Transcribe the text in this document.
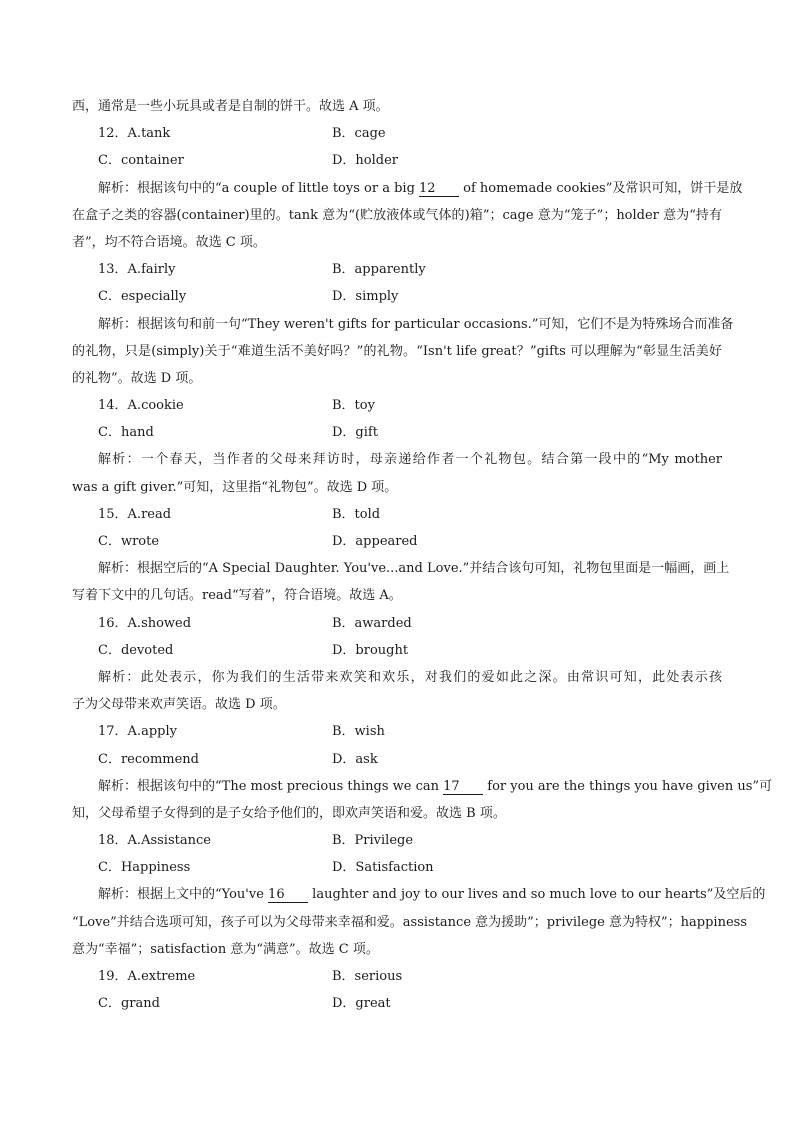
西，通常是一些小玩具或者是自制的饼干。故选 A 项。
12．A.tank	B．cage
C．container	D．holder
解析：根据该句中的“a couple of little toys or a big 12 of homemade cookies”及常识可知，饼干是放
在盒子之类的容器(container)里的。tank 意为“(贮放液体或气体的)箱”；cage 意为“笼子”；holder 意为“持有
者”，均不符合语境。故选 C 项。
13．A.fairly	B．apparently
C．especially	D．simply
解析：根据该句和前一句“They weren't gifts for particular occasions.”可知，它们不是为特殊场合而准备
的礼物，只是(simply)关于“难道生活不美好吗？”的礼物。“Isn't life great？”gifts 可以理解为“彰显生活美好
的礼物”。故选 D 项。
14．A.cookie	B．toy
C．hand	D．gift
解析：一个春天，当作者的父母来拜访时，母亲递给作者一个礼物包。结合第一段中的“My mother
was a gift giver.”可知，这里指“礼物包”。故选 D 项。
15．A.read	B．told
C．wrote	D．appeared
解析：根据空后的“A Special Daughter. You've...and Love.”并结合该句可知，礼物包里面是一幅画，画上
写着下文中的几句话。read“写着”，符合语境。故选 A。
16．A.showed	B．awarded
C．devoted	D．brought
解析：此处表示，你为我们的生活带来欢笑和欢乐，对我们的爱如此之深。由常识可知，此处表示孩
子为父母带来欢声笑语。故选 D 项。
17．A.apply	B．wish
C．recommend	D．ask
解析：根据该句中的“The most precious things we can 17 for you are the things you have given us”可
知，父母希望子女得到的是子女给予他们的，即欢声笑语和爱。故选 B 项。
18．A.Assistance	B．Privilege
C．Happiness	D．Satisfaction
解析：根据上文中的“You've 16 laughter and joy to our lives and so much love to our hearts”及空后的
“Love”并结合选项可知，孩子可以为父母带来幸福和爱。assistance 意为援助”；privilege 意为特权”；happiness
意为“幸福”；satisfaction 意为“满意”。故选 C 项。
19．A.extreme	B．serious
C．grand	D．great
